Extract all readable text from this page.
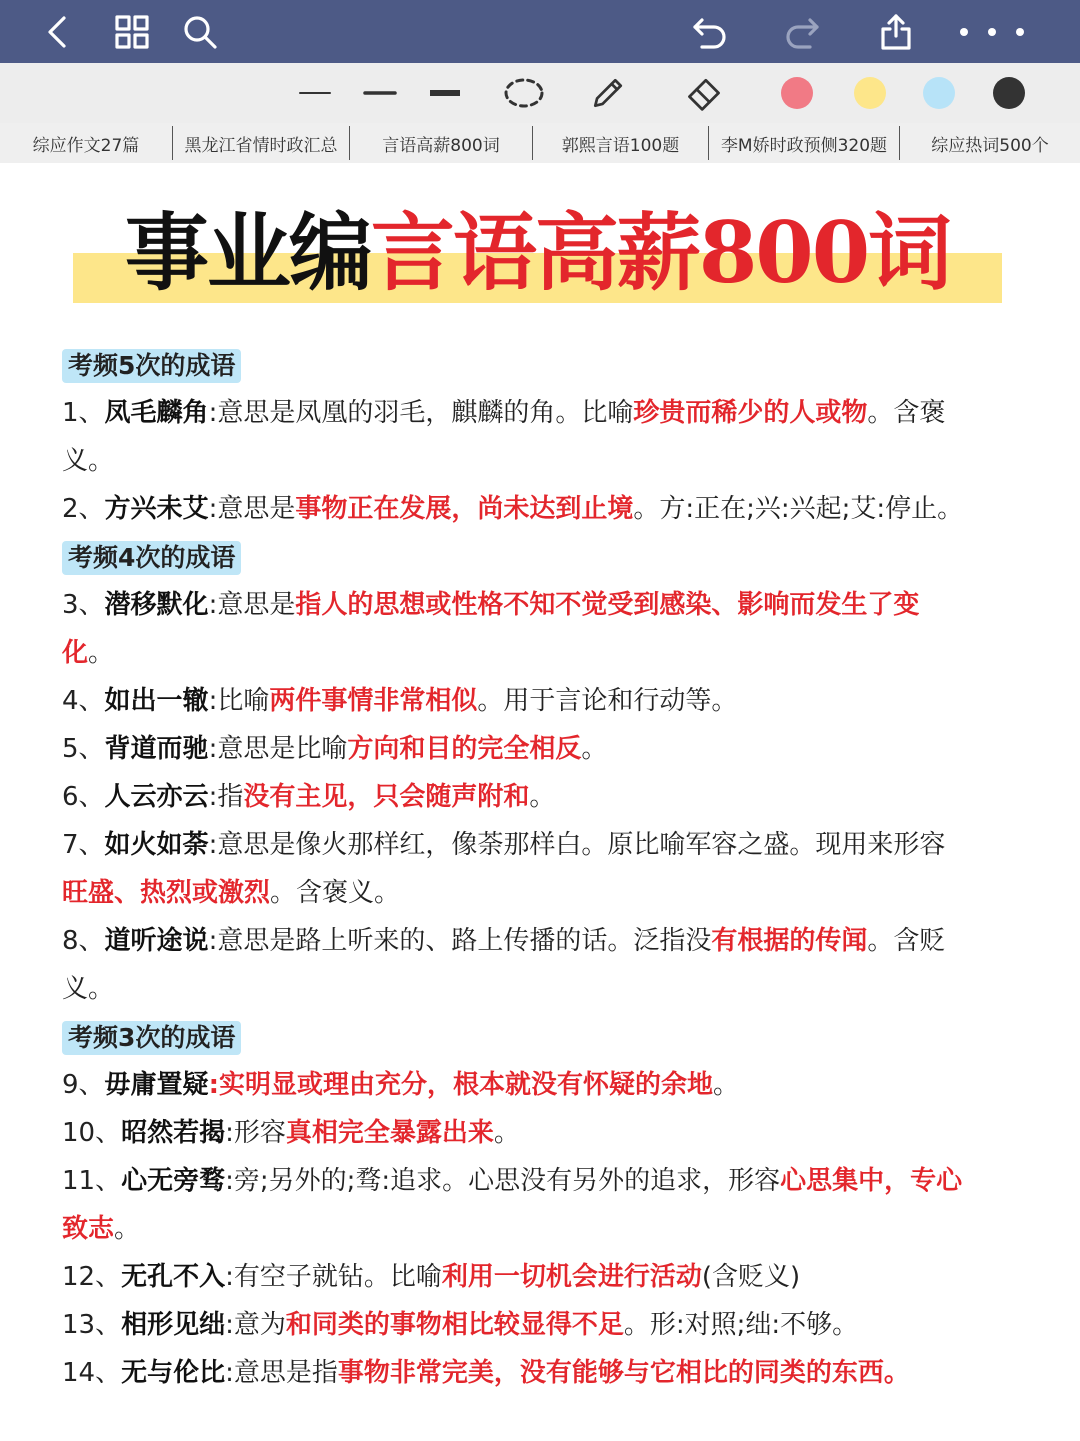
综应作文27篇	黑龙江省情时政汇总	言语高薪800词	郭熙言语100题	李M娇时政预侧320题	综应热词500个
事业编言语高薪800词
考频5次的成语
1、凤毛麟角:意思是凤凰的羽毛，麒麟的角。比喻珍贵而稀少的人或物。含褒
义。
2、方兴未艾:意思是事物正在发展，尚未达到止境。方:正在;兴:兴起;艾:停止。
考频4次的成语
3、潜移默化:意思是指人的思想或性格不知不觉受到感染、影响而发生了变
化。
4、如出一辙:比喻两件事情非常相似。用于言论和行动等。
5、背道而驰:意思是比喻方向和目的完全相反。
6、人云亦云:指没有主见，只会随声附和。
7、如火如荼:意思是像火那样红，像荼那样白。原比喻军容之盛。现用来形容
旺盛、热烈或激烈。含褒义。
8、道听途说:意思是路上听来的、路上传播的话。泛指没有根据的传闻。含贬
义。
考频3次的成语
9、毋庸置疑:实明显或理由充分，根本就没有怀疑的余地。
10、昭然若揭:形容真相完全暴露出来。
11、心无旁骛:旁;另外的;骛:追求。心思没有另外的追求，形容心思集中，专心
致志。
12、无孔不入:有空子就钻。比喻利用一切机会进行活动(含贬义)
13、相形见绌:意为和同类的事物相比较显得不足。形:对照;绌:不够。
14、无与伦比:意思是指事物非常完美，没有能够与它相比的同类的东西。
